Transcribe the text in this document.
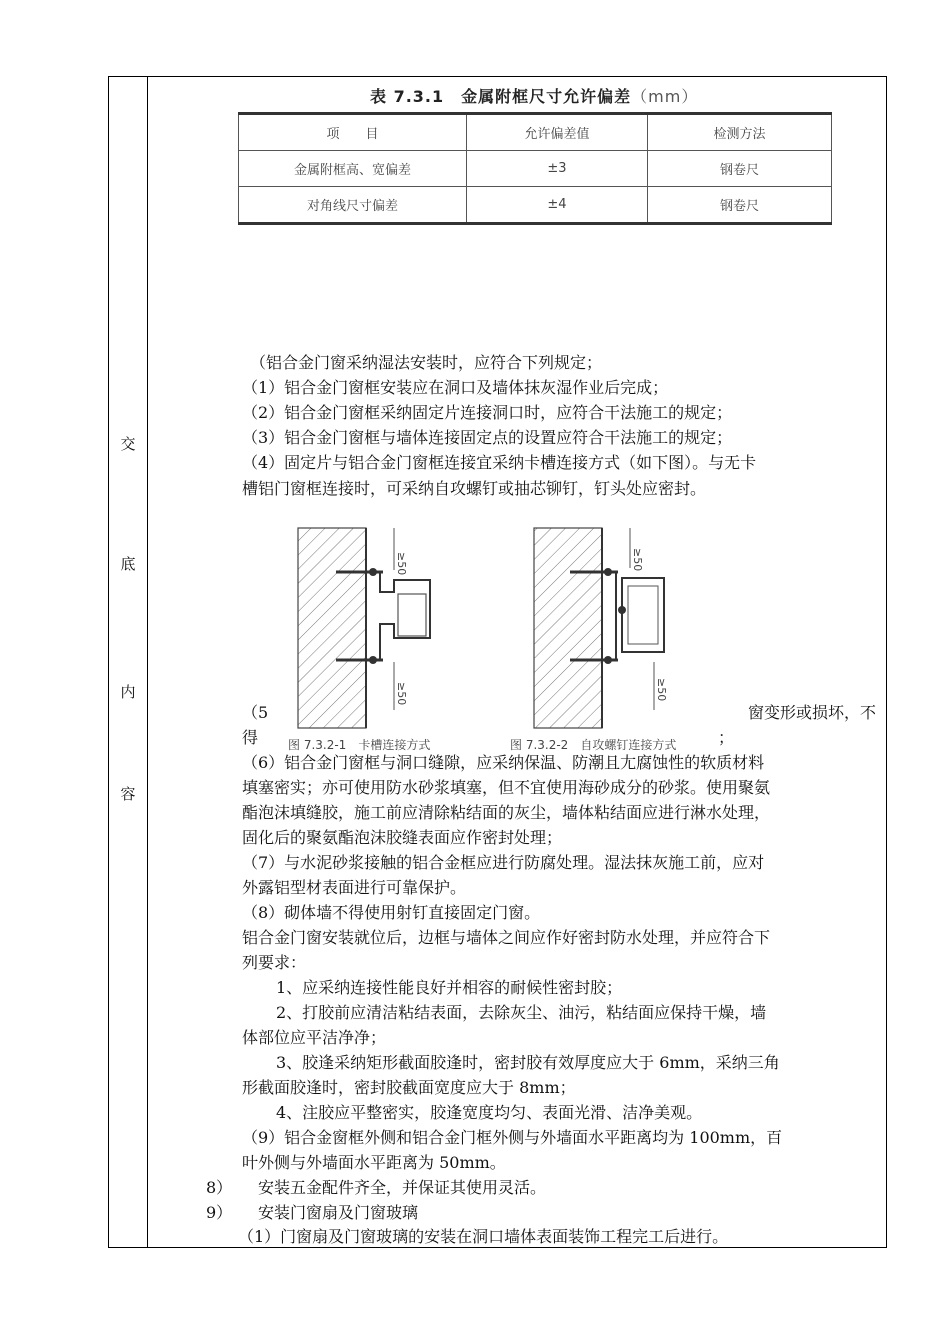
交
底
内
容
表 7.3.1　金属附框尺寸允许偏差（mm）
项　　目	允许偏差值	检测方法
金属附框高、宽偏差	±3	钢卷尺
对角线尺寸偏差	±4	钢卷尺
（铝合金门窗采纳湿法安装时，应符合下列规定；
（1）铝合金门窗框安装应在洞口及墙体抹灰湿作业后完成；
（2）铝合金门窗框采纳固定片连接洞口时，应符合干法施工的规定；
（3）铝合金门窗框与墙体连接固定点的设置应符合干法施工的规定；
（4）固定片与铝合金门窗框连接宜采纳卡槽连接方式（如下图）。与无卡
槽铝门窗框连接时，可采纳自攻螺钉或抽芯铆钉，钉头处应密封。
≥50
≥50
≥50
≥50
图 7.3.2-1　卡槽连接方式	图 7.3.2-2　自攻螺钉连接方式
（5	窗变形或损坏，不
得	；
（6）铝合金门窗框与洞口缝隙，应采纳保温、防潮且尢腐蚀性的软质材料
填塞密实；亦可使用防水砂浆填塞，但不宜使用海砂成分的砂浆。使用聚氨
酯泡沫填缝胶，施工前应清除粘结面的灰尘，墙体粘结面应进行淋水处理，
固化后的聚氨酯泡沫胶缝表面应作密封处理；
（7）与水泥砂浆接触的铝合金框应进行防腐处理。湿法抹灰施工前，应对
外露铝型材表面进行可靠保护。
（8）砌体墙不得使用射钉直接固定门窗。
铝合金门窗安装就位后，边框与墙体之间应作好密封防水处理，并应符合下
列要求：
1、应采纳连接性能良好并相容的耐候性密封胶；
2、打胶前应清洁粘结表面，去除灰尘、油污，粘结面应保持干燥，墙
体部位应平洁净净；
3、胶逢采纳矩形截面胶逢时，密封胶有效厚度应大于 6mm，采纳三角
形截面胶逢时，密封胶截面宽度应大于 8mm；
4、注胶应平整密实，胶逢宽度均匀、表面光滑、洁净美观。
（9）铝合金窗框外侧和铝合金门框外侧与外墙面水平距离均为 100mm，百
叶外侧与外墙面水平距离为 50mm。
8） 安装五金配件齐全，并保证其使用灵活。
9） 安装门窗扇及门窗玻璃
（1）门窗扇及门窗玻璃的安装在洞口墙体表面装饰工程完工后进行。
